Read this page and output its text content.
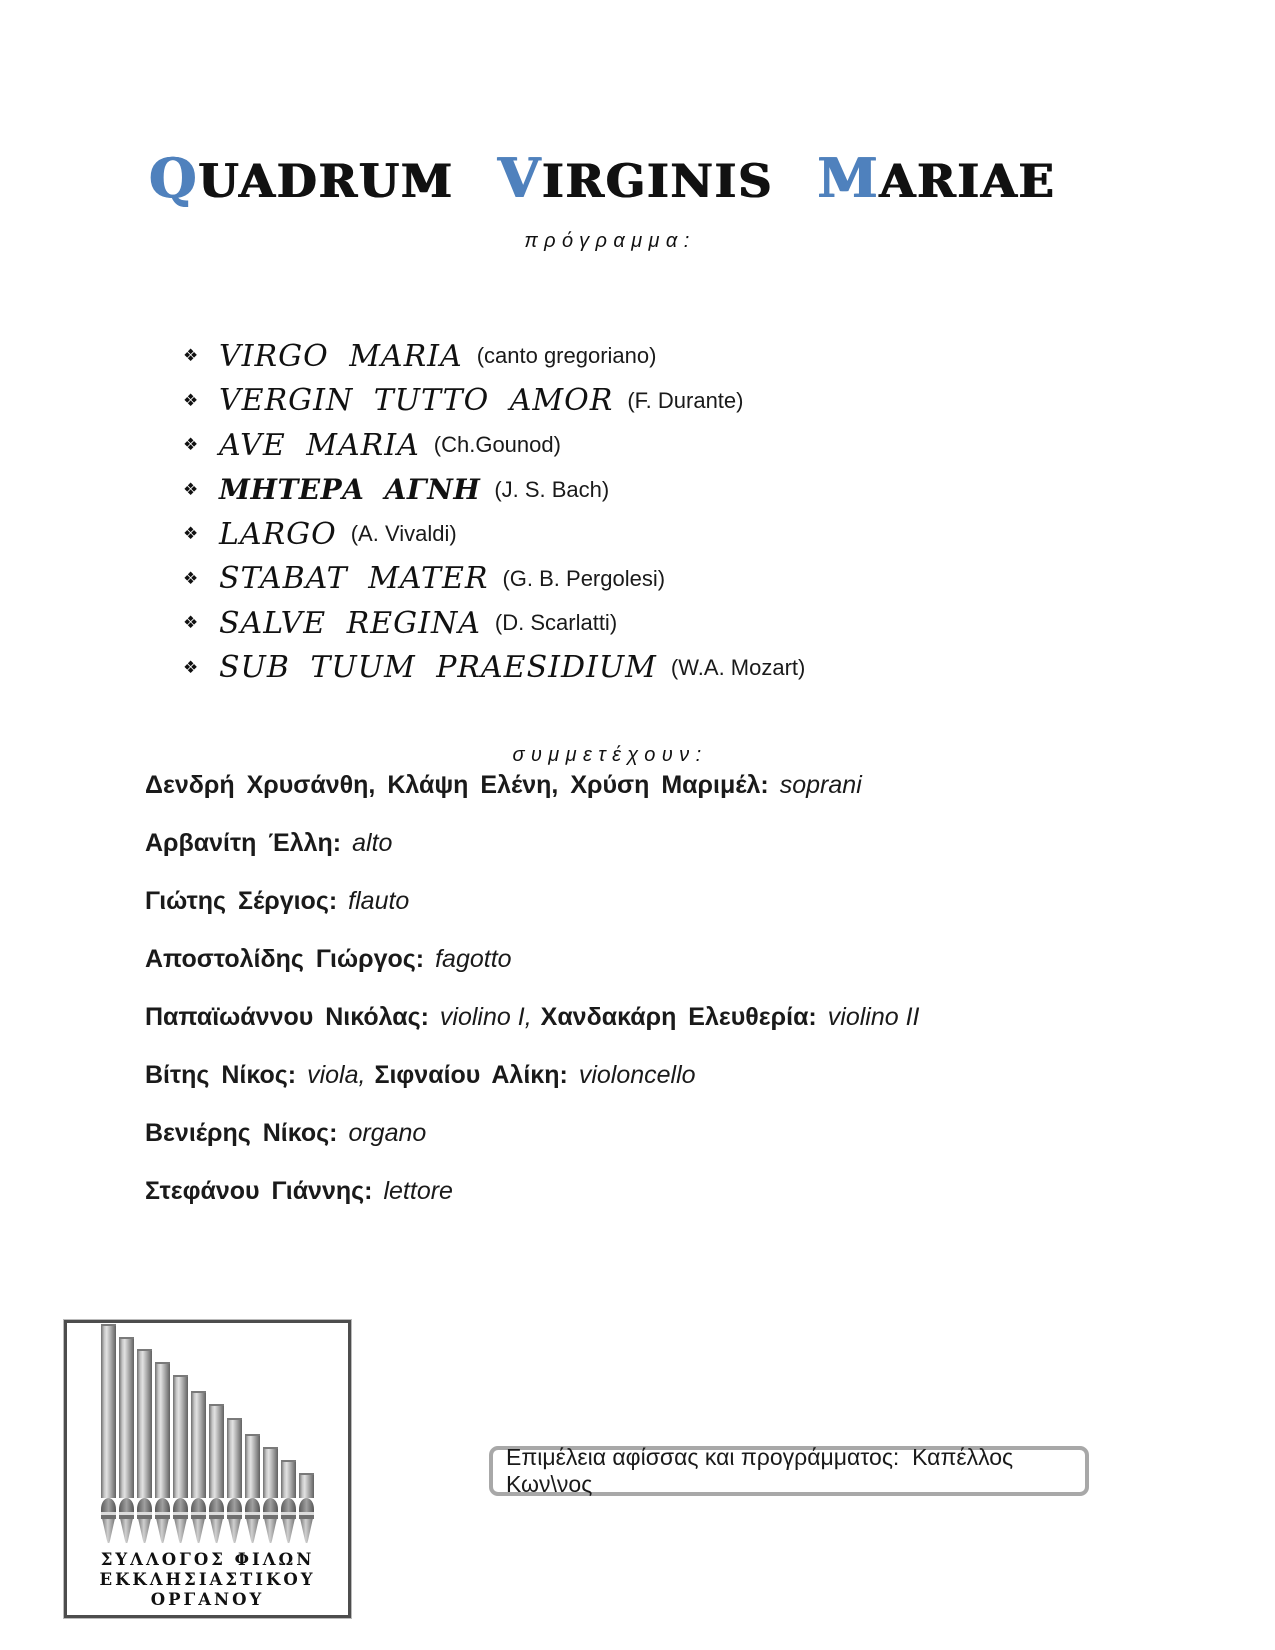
QUADRUM VIRGINIS MARIAE
πρόγραμμα:
❖ VIRGO MARIA (canto gregoriano)
❖ VERGIN TUTTO AMOR (F. Durante)
❖ AVE MARIA (Ch.Gounod)
❖ ΜΗΤΕΡΑ ΑΓΝΗ (J. S. Bach)
❖ LARGO (A. Vivaldi)
❖ STABAT MATER (G. B. Pergolesi)
❖ SALVE REGINA (D. Scarlatti)
❖ SUB TUUM PRAESIDIUM (W.A. Mozart)
συμμετέχουν:
Δενδρή Χρυσάνθη, Κλάψη Ελένη, Χρύση Μαριμέλ: soprani
Αρβανίτη Έλλη: alto
Γιώτης Σέργιος: flauto
Αποστολίδης Γιώργος: fagotto
Παπαϊωάννου Νικόλας: violino I, Χανδακάρη Ελευθερία: violino II
Βίτης Νίκος: viola, Σιφναίου Αλίκη: violoncello
Βενιέρης Νίκος: organo
Στεφάνου Γιάννης: lettore
ΣΥΛΛΟΓΟΣ ΦΙΛΩΝ
ΕΚΚΛΗΣΙΑΣΤΙΚΟΥ
ΟΡΓΑΝΟΥ
Επιμέλεια αφίσσας και προγράμματος:  Καπέλλος Κων\νος
